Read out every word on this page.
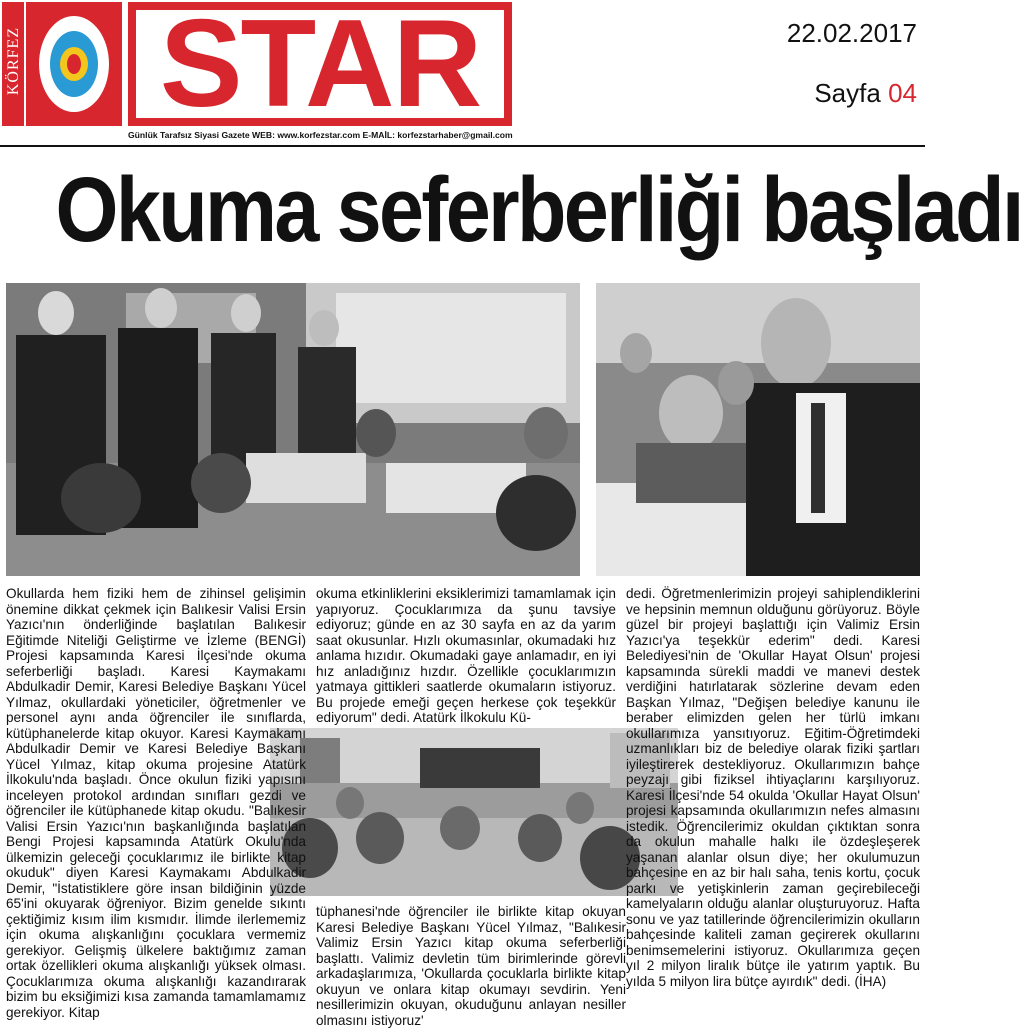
KÖRFEZ STAR
Günlük Tarafsız Siyasi Gazete WEB: www.korfezstar.com E-MAİL: korfezstarhaber@gmail.com
22.02.2017
Sayfa 04
Okuma seferberliği başladı

Okullarda hem fiziki hem de zihinsel gelişimin önemine dikkat çekmek için Balıkesir Valisi Ersin Yazıcı'nın önderliğinde başlatılan Balıkesir Eğitimde Niteliği Geliştirme ve İzleme (BENGİ) Projesi kapsamında Karesi İlçesi'nde okuma seferberliği başladı. Karesi Kaymakamı Abdulkadir Demir, Karesi Belediye Başkanı Yücel Yılmaz, okullardaki yöneticiler, öğretmenler ve personel aynı anda öğrenciler ile sınıflarda, kütüphanelerde kitap okuyor. Karesi Kaymakamı Abdulkadir Demir ve Karesi Belediye Başkanı Yücel Yılmaz, kitap okuma projesine Atatürk İlkokulu'nda başladı. Önce okulun fiziki yapısını inceleyen protokol ardından sınıfları gezdi ve öğrenciler ile kütüphanede kitap okudu. "Balıkesir Valisi Ersin Yazıcı'nın başkanlığında başlatılan Bengi Projesi kapsamında Atatürk Okulu'nda ülkemizin geleceği çocuklarımız ile birlikte kitap okuduk" diyen Karesi Kaymakamı Abdulkadir Demir, "İstatistiklere göre insan bildiğinin yüzde 65'ini okuyarak öğreniyor. Bizim genelde sıkıntı çektiğimiz kısım ilim kısmıdır. İlimde ilerlememiz için okuma alışkanlığını çocuklara vermemiz gerekiyor. Gelişmiş ülkelere baktığımız zaman ortak özellikleri okuma alışkanlığı yüksek olması. Çocuklarımıza okuma alışkanlığı kazandırarak bizim bu eksiğimizi kısa zamanda tamamlamamız gerekiyor. Kitap

okuma etkinliklerini eksiklerimizi tamamlamak için yapıyoruz. Çocuklarımıza da şunu tavsiye ediyoruz; günde en az 30 sayfa en az da yarım saat okusunlar. Hızlı okumasınlar, okumadaki hız anlama hızıdır. Okumadaki gaye anlamadır, en iyi hız anladığınız hızdır. Özellikle çocuklarımızın yatmaya gittikleri saatlerde okumaların istiyoruz. Bu projede emeği geçen herkese çok teşekkür ediyorum" dedi. Atatürk İlkokulu Kü-

tüphanesi'nde öğrenciler ile birlikte kitap okuyan Karesi Belediye Başkanı Yücel Yılmaz, "Balıkesir Valimiz Ersin Yazıcı kitap okuma seferberliği başlattı. Valimiz devletin tüm birimlerinde görevli arkadaşlarımıza, 'Okullarda çocuklarla birlikte kitap okuyun ve onlara kitap okumayı sevdirin. Yeni nesillerimizin okuyan, okuduğunu anlayan nesiller olmasını istiyoruz'

dedi. Öğretmenlerimizin projeyi sahiplendiklerini ve hepsinin memnun olduğunu görüyoruz. Böyle güzel bir projeyi başlattığı için Valimiz Ersin Yazıcı'ya teşekkür ederim" dedi. Karesi Belediyesi'nin de 'Okullar Hayat Olsun' projesi kapsamında sürekli maddi ve manevi destek verdiğini hatırlatarak sözlerine devam eden Başkan Yılmaz, "Değişen belediye kanunu ile beraber elimizden gelen her türlü imkanı okullarımıza yansıtıyoruz. Eğitim-Öğretimdeki uzmanlıkları biz de belediye olarak fiziki şartları iyileştirerek destekliyoruz. Okullarımızın bahçe peyzajı gibi fiziksel ihtiyaçlarını karşılıyoruz. Karesi İlçesi'nde 54 okulda 'Okullar Hayat Olsun' projesi kapsamında okullarımızın nefes almasını istedik. Öğrencilerimiz okuldan çıktıktan sonra da okulun mahalle halkı ile özdeşleşerek yaşanan alanlar olsun diye; her okulumuzun bahçesine en az bir halı saha, tenis kortu, çocuk parkı ve yetişkinlerin zaman geçirebileceği kamelyaların olduğu alanlar oluşturuyoruz. Hafta sonu ve yaz tatillerinde öğrencilerimizin okulların bahçesinde kaliteli zaman geçirerek okullarını benimsemelerini istiyoruz. Okullarımıza geçen yıl 2 milyon liralık bütçe ile yatırım yaptık. Bu yılda 5 milyon lira bütçe ayırdık" dedi. (İHA)
